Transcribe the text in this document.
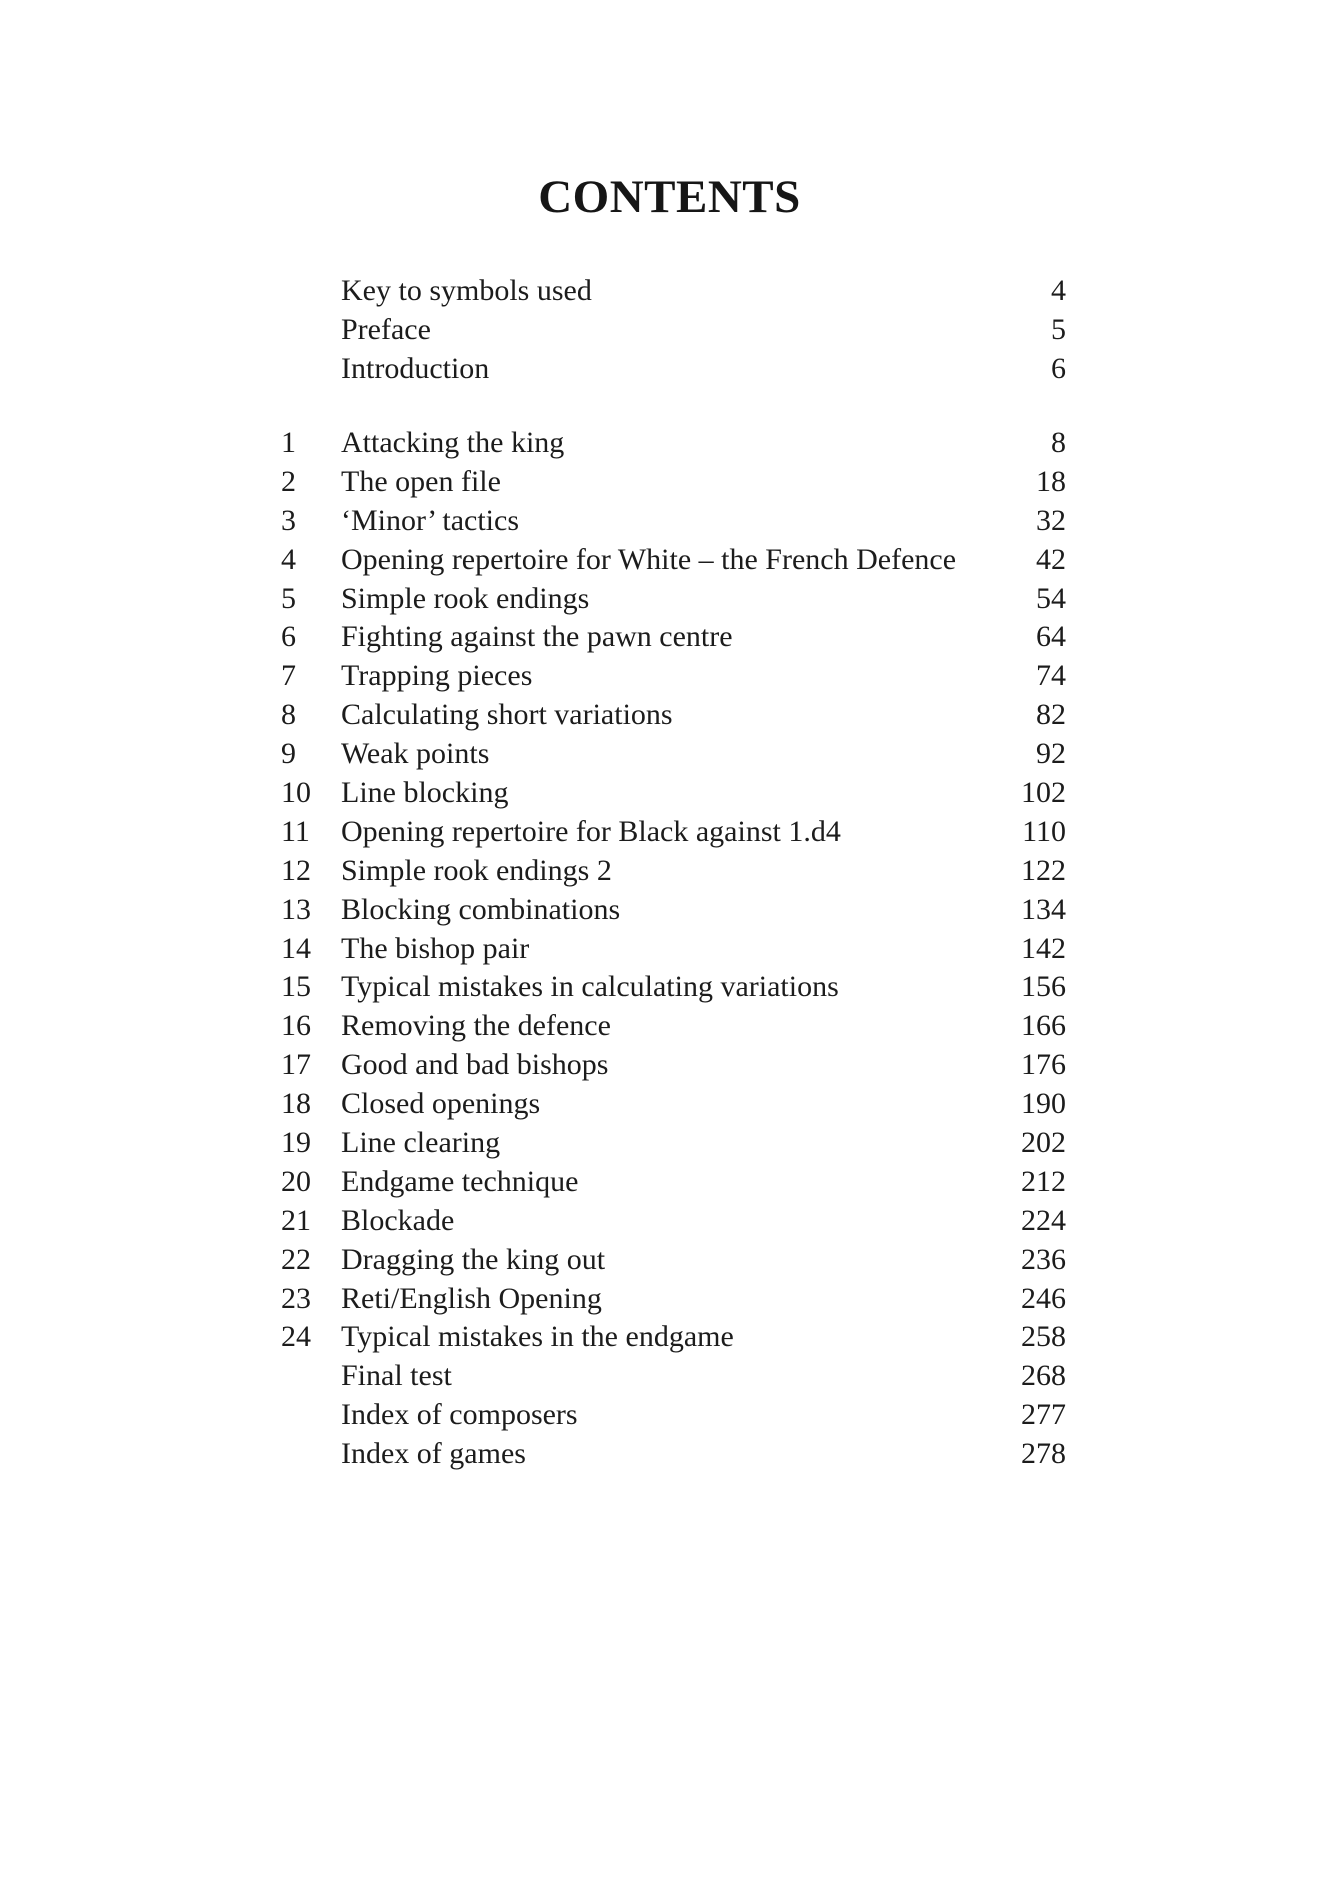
CONTENTS
Key to symbols used	4
Preface	5
Introduction	6
1	Attacking the king	8
2	The open file	18
3	‘Minor’ tactics	32
4	Opening repertoire for White – the French Defence	42
5	Simple rook endings	54
6	Fighting against the pawn centre	64
7	Trapping pieces	74
8	Calculating short variations	82
9	Weak points	92
10	Line blocking	102
11	Opening repertoire for Black against 1.d4	110
12	Simple rook endings 2	122
13	Blocking combinations	134
14	The bishop pair	142
15	Typical mistakes in calculating variations	156
16	Removing the defence	166
17	Good and bad bishops	176
18	Closed openings	190
19	Line clearing	202
20	Endgame technique	212
21	Blockade	224
22	Dragging the king out	236
23	Reti/English Opening	246
24	Typical mistakes in the endgame	258
Final test	268
Index of composers	277
Index of games	278
